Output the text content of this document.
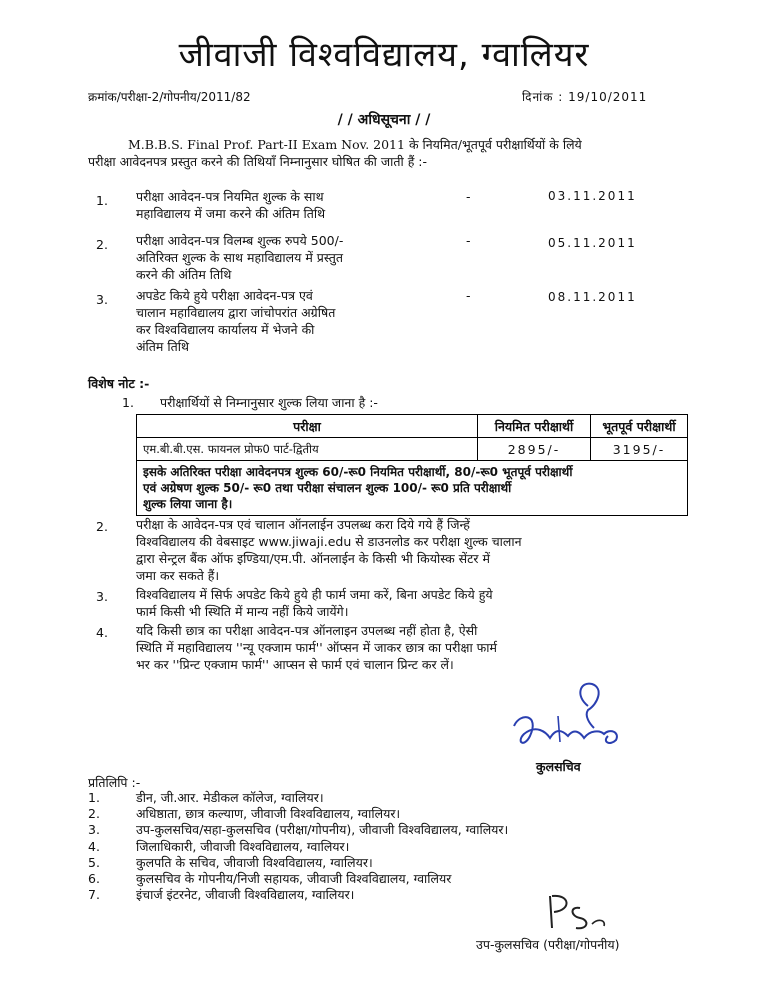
जीवाजी विश्वविद्यालय, ग्वालियर
क्रमांक/परीक्षा-2/गोपनीय/2011/82	दिनांक : 19/10/2011
/ / अधिसूचना / /
M.B.B.S. Final Prof. Part-II Exam Nov. 2011 के नियमित/भूतपूर्व परीक्षार्थियों के लिये
परीक्षा आवेदनपत्र प्रस्तुत करने की तिथियाँ निम्नानुसार घोषित की जाती हैं :-
1. परीक्षा आवेदन-पत्र नियमित शुल्क के साथ
महाविद्यालय में जमा करने की अंतिम तिथि
-	03.11.2011
2. परीक्षा आवेदन-पत्र विलम्ब शुल्क रुपये 500/-
अतिरिक्त शुल्क के साथ महाविद्यालय में प्रस्तुत
करने की अंतिम तिथि
-	05.11.2011
3. अपडेट किये हुये परीक्षा आवेदन-पत्र एवं
चालान महाविद्यालय द्वारा जांचोपरांत अग्रेषित
कर विश्वविद्यालय कार्यालय में भेजने की
अंतिम तिथि
-	08.11.2011
विशेष नोट :-
1. परीक्षार्थियों से निम्नानुसार शुल्क लिया जाना है :-
परीक्षा	नियमित परीक्षार्थी	भूतपूर्व परीक्षार्थी
एम.बी.बी.एस. फायनल प्रोफ0 पार्ट-द्वितीय	2895/-	3195/-

इसके अतिरिक्त परीक्षा आवेदनपत्र शुल्क 60/-रू0 नियमित परीक्षार्थी, 80/-रू0 भूतपूर्व परीक्षार्थी
एवं अग्रेषण शुल्क 50/- रू0 तथा परीक्षा संचालन शुल्क 100/- रू0 प्रति परीक्षार्थी
शुल्क लिया जाना है।		
2. परीक्षा के आवेदन-पत्र एवं चालान ऑनलाईन उपलब्ध करा दिये गये हैं जिन्हें
विश्वविद्यालय की वेबसाइट www.jiwaji.edu से डाउनलोड कर परीक्षा शुल्क चालान
द्वारा सेन्ट्रल बैंक ऑफ इण्डिया/एम.पी. ऑनलाईन के किसी भी कियोस्क सेंटर में
जमा कर सकते हैं।
3. विश्वविद्यालय में सिर्फ अपडेट किये हुये ही फार्म जमा करें, बिना अपडेट किये हुये
फार्म किसी भी स्थिति में मान्य नहीं किये जायेंगे।
4. यदि किसी छात्र का परीक्षा आवेदन-पत्र ऑनलाइन उपलब्ध नहीं होता है, ऐसी
स्थिति में महाविद्यालय ''न्यू एक्जाम फार्म'' ऑप्सन में जाकर छात्र का परीक्षा फार्म
भर कर ''प्रिन्ट एक्जाम फार्म'' आप्सन से फार्म एवं चालान प्रिन्ट कर लें।
कुलसचिव
प्रतिलिपि :-
1.	डीन, जी.आर. मेडीकल कॉलेज, ग्वालियर।
2.	अधिष्ठाता, छात्र कल्याण, जीवाजी विश्वविद्यालय, ग्वालियर।
3.	उप-कुलसचिव/सहा-कुलसचिव (परीक्षा/गोपनीय), जीवाजी विश्वविद्यालय, ग्वालियर।
4.	जिलाधिकारी, जीवाजी विश्वविद्यालय, ग्वालियर।
5.	कुलपति के सचिव, जीवाजी विश्वविद्यालय, ग्वालियर।
6.	कुलसचिव के गोपनीय/निजी सहायक, जीवाजी विश्वविद्यालय, ग्वालियर
7.	इंचार्ज इंटरनेट, जीवाजी विश्वविद्यालय, ग्वालियर।
उप-कुलसचिव (परीक्षा/गोपनीय)
